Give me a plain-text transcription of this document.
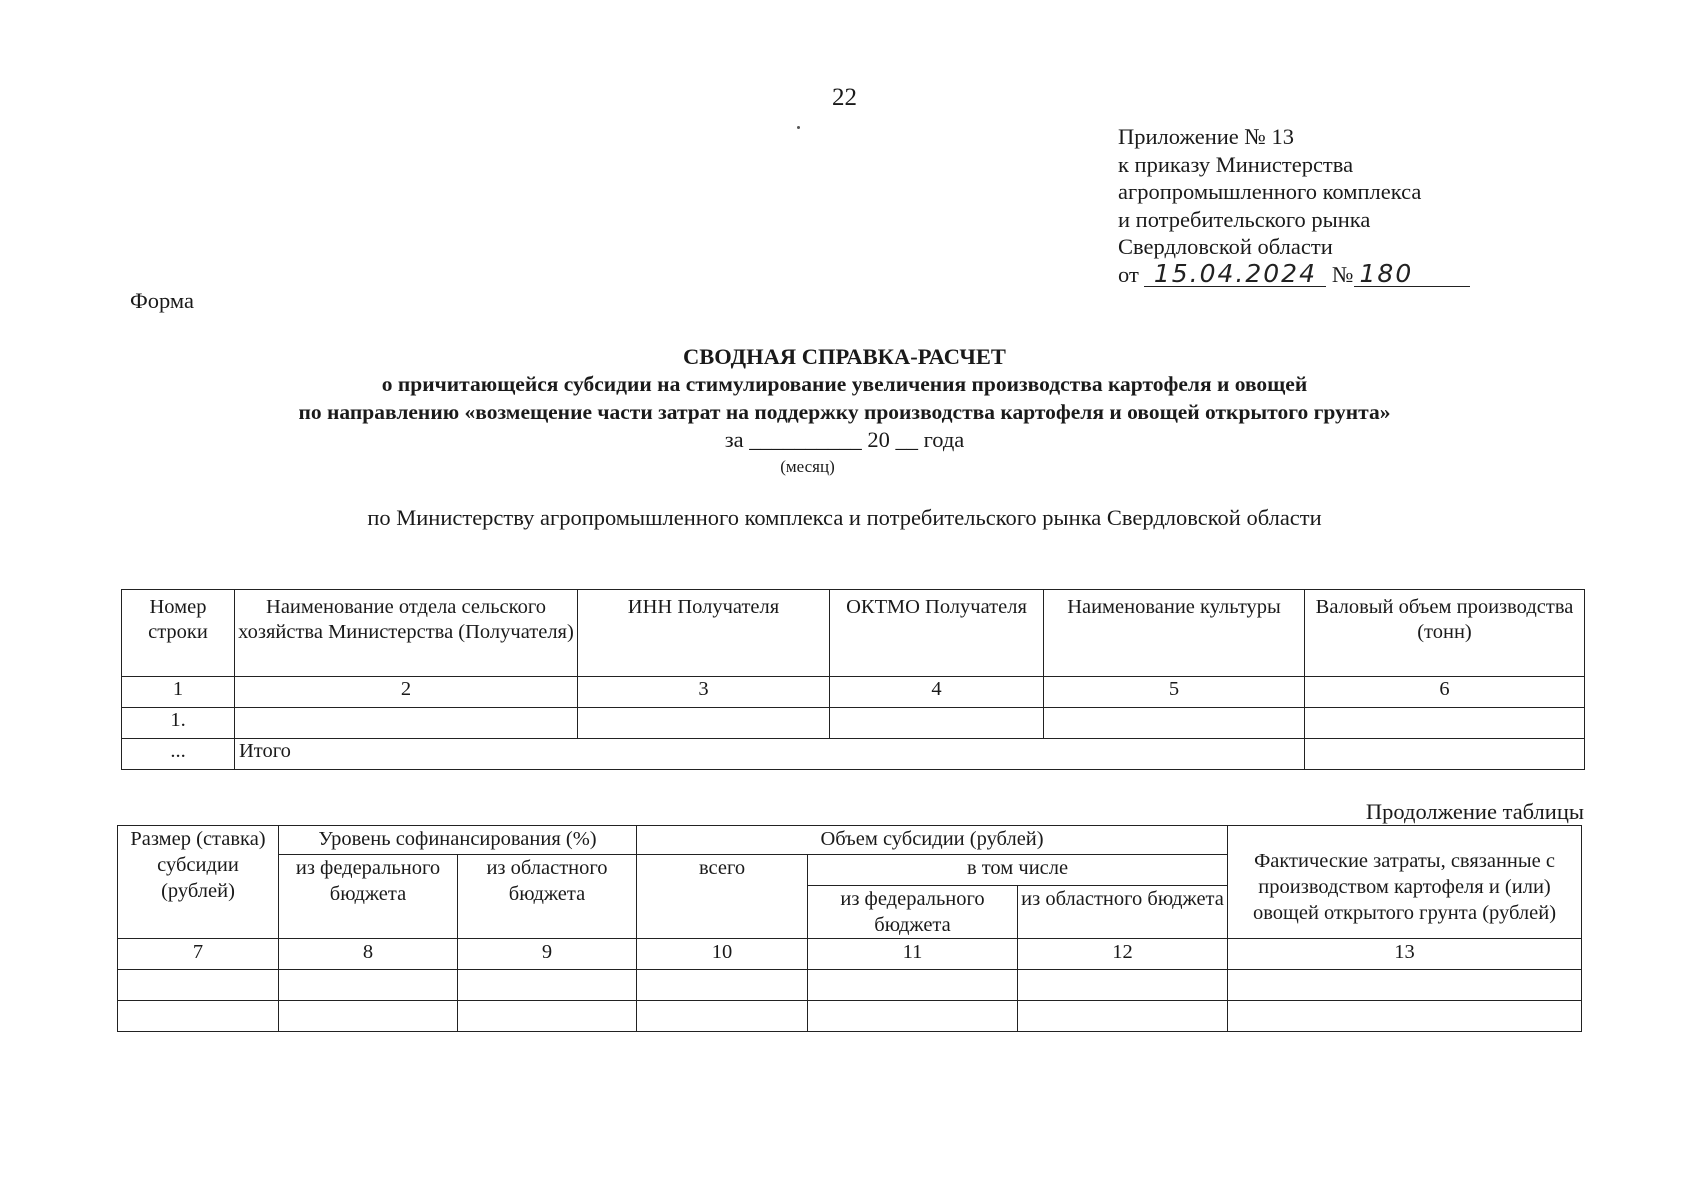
22
Приложение № 13
к приказу Министерства
агропромышленного комплекса
и потребительского рынка
Свердловской области
от 15.04.2024 № 180
Форма
СВОДНАЯ СПРАВКА-РАСЧЕТ
о причитающейся субсидии на стимулирование увеличения производства картофеля и овощей
по направлению «возмещение части затрат на поддержку производства картофеля и овощей открытого грунта»
за __________ 20 __ года
(месяц)
по Министерству агропромышленного комплекса и потребительского рынка Свердловской области
Номер строки	Наименование отдела сельского хозяйства Министерства (Получателя)	ИНН Получателя	ОКТМО Получателя	Наименование культуры	Валовый объем производства (тонн)
1	2	3	4	5	6
1.					
...	Итого				
Продолжение таблицы
Размер (ставка) субсидии (рублей)	Уровень софинансирования (%)		Объем субсидии (рублей)			Фактические затраты, связанные с производством картофеля и (или) овощей открытого грунта (рублей)
	из федерального бюджета	из областного бюджета	всего	в том числе		
				из федерального бюджета	из областного бюджета	
7	8	9	10	11	12	13
